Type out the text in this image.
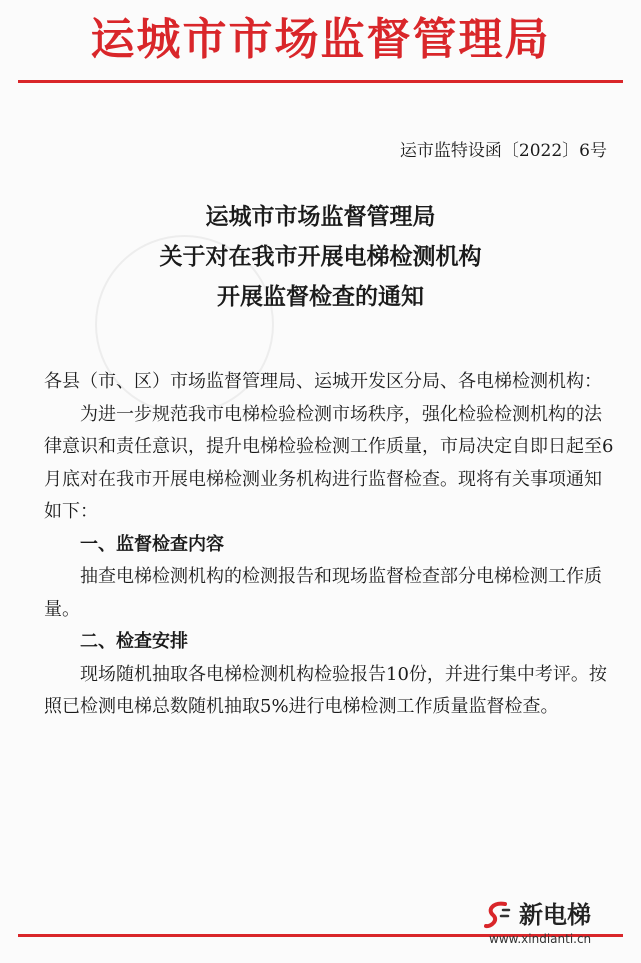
运城市市场监督管理局
运市监特设函〔2022〕6号
运城市市场监督管理局
关于对在我市开展电梯检测机构
开展监督检查的通知

各县（市、区）市场监督管理局、运城开发区分局、各电梯检测机构：

为进一步规范我市电梯检验检测市场秩序，强化检验检测机构的法律意识和责任意识，提升电梯检验检测工作质量，市局决定自即日起至6月底对在我市开展电梯检测业务机构进行监督检查。现将有关事项通知如下：

一、监督检查内容

抽查电梯检测机构的检测报告和现场监督检查部分电梯检测工作质量。

二、检查安排

现场随机抽取各电梯检测机构检验报告10份，并进行集中考评。按照已检测电梯总数随机抽取5%进行电梯检测工作质量监督检查。

新电梯
www.xindianti.cn
